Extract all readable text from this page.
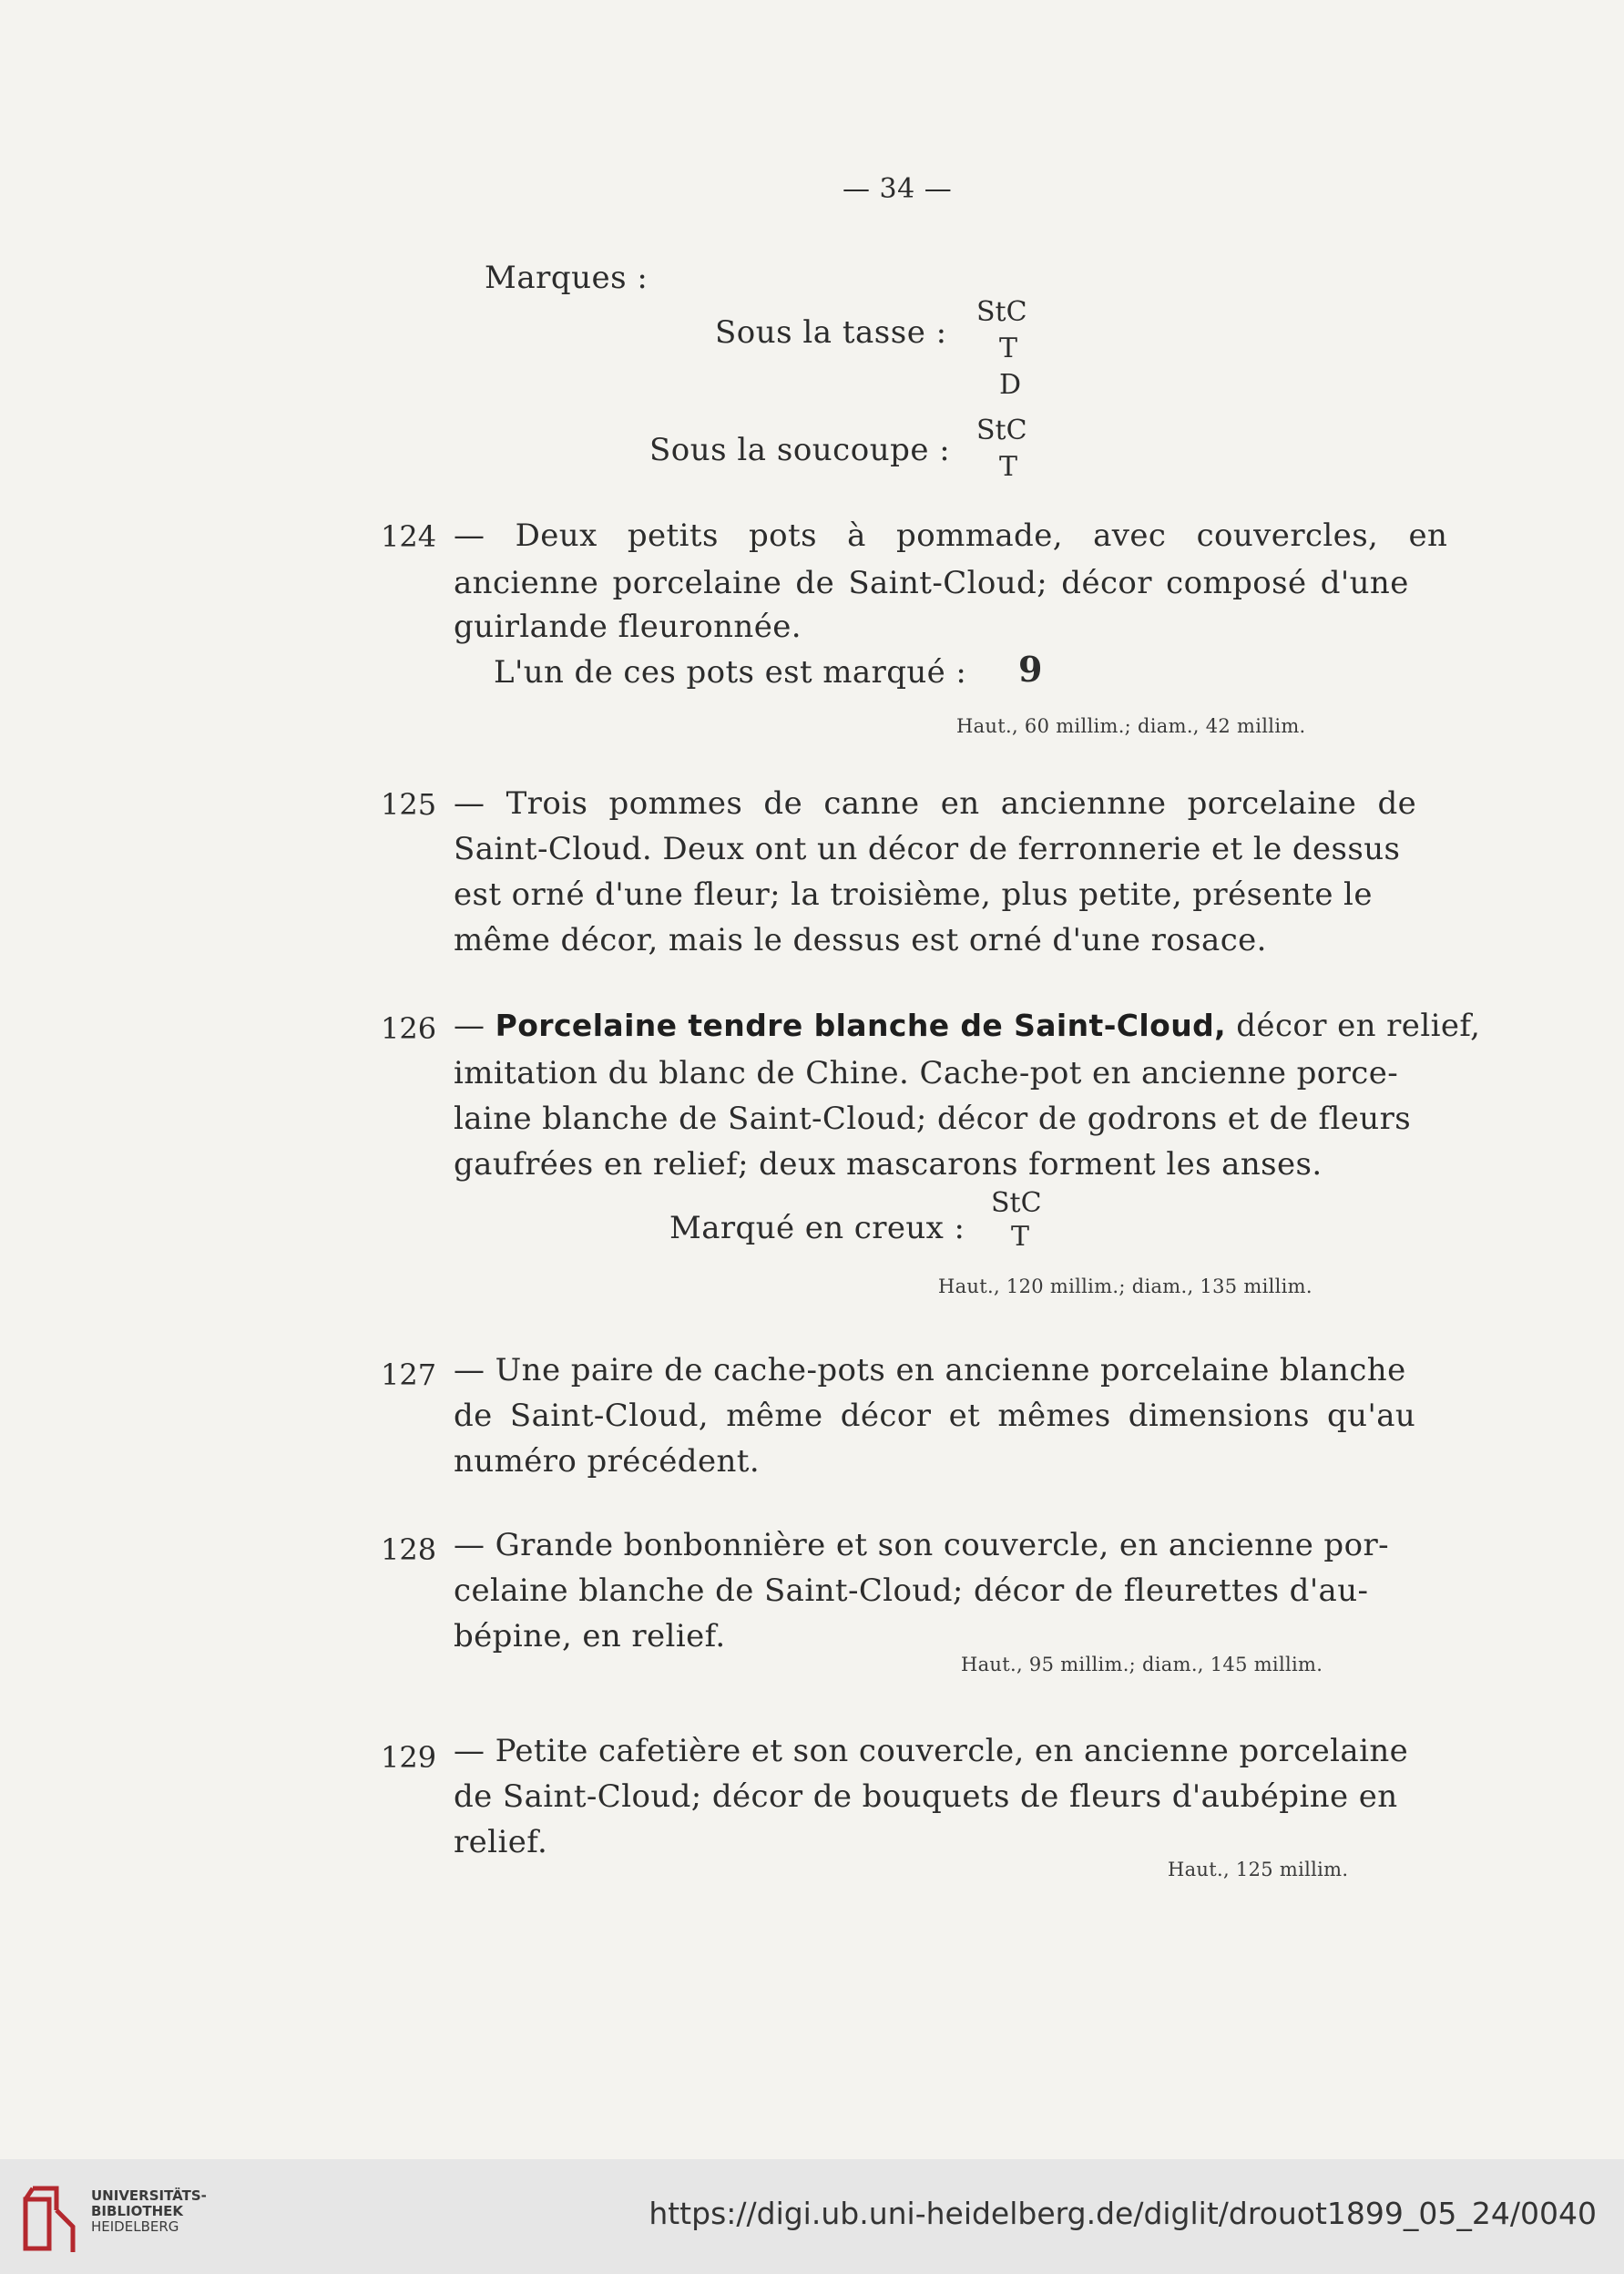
— 34 —
Marques :
Sous la tasse :
StC
T
D
Sous la soucoupe :
StC
T
124 — Deux petits pots à pommade, avec couvercles, en
ancienne porcelaine de Saint-Cloud; décor composé d'une
guirlande fleuronnée.
L'un de ces pots est marqué : 9
Haut., 60 millim.; diam., 42 millim.
125 — Trois pommes de canne en anciennne porcelaine de
Saint-Cloud. Deux ont un décor de ferronnerie et le dessus
est orné d'une fleur; la troisième, plus petite, présente le
même décor, mais le dessus est orné d'une rosace.
126 — Porcelaine tendre blanche de Saint-Cloud, décor en relief,
imitation du blanc de Chine. Cache-pot en ancienne porce-
laine blanche de Saint-Cloud; décor de godrons et de fleurs
gaufrées en relief; deux mascarons forment les anses.
Marqué en creux :
StC
T
Haut., 120 millim.; diam., 135 millim.
127 — Une paire de cache-pots en ancienne porcelaine blanche
de Saint-Cloud, même décor et mêmes dimensions qu'au
numéro précédent.
128 — Grande bonbonnière et son couvercle, en ancienne por-
celaine blanche de Saint-Cloud; décor de fleurettes d'au-
bépine, en relief.
Haut., 95 millim.; diam., 145 millim.
129 — Petite cafetière et son couvercle, en ancienne porcelaine
de Saint-Cloud; décor de bouquets de fleurs d'aubépine en
relief.
Haut., 125 millim.
UNIVERSITÄTS-
BIBLIOTHEK
HEIDELBERG	https://digi.ub.uni-heidelberg.de/diglit/drouot1899_05_24/0040
